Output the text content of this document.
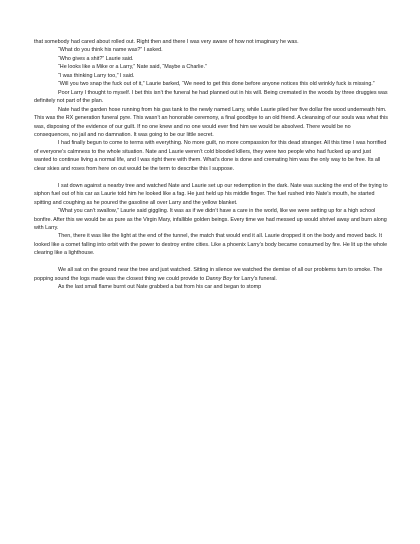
that somebody had cared about rolled out. Right then and there I was very aware of how not imaginary he was.

“What do you think his name was?” I asked.

“Who gives a shit?” Laurie said.

“He looks like a Mike or a Larry,” Nate said, “Maybe a Charlie.”

“I was thinking Larry too,” I said.

“Will you two snap the fuck out of it,” Laurie barked, “We need to get this done before anyone notices this old wrinkly fuck is missing.”

Poor Larry I thought to myself. I bet this isn’t the funeral he had planned out in his will. Being cremated in the woods by three druggies was definitely not part of the plan.

Nate had the garden hose running from his gas tank to the newly named Larry, while Laurie piled her five dollar fire wood underneath him. This was the RX generation funeral pyre. This wasn’t an honorable ceremony, a final goodbye to an old friend. A cleansing of our souls was what this was, disposing of the evidence of our guilt. If no one knew and no one would ever find him we would be absolved. There would be no consequences, no jail and no damnation. It was going to be our little secret.

I had finally begun to come to terms with everything. No more guilt, no more compassion for this dead stranger. All this time I was horrified of everyone’s calmness to the whole situation. Nate and Laurie weren’t cold blooded killers, they were two people who had fucked up and just wanted to continue living a normal life, and I was right there with them. What’s done is done and cremating him was the only way to be free. Its all clear skies and roses from here on out would be the term to describe this I suppose.

I sat down against a nearby tree and watched Nate and Laurie set up our redemption in the dark. Nate was sucking the end of the trying to siphon fuel out of his car as Laurie told him he looked like a fag. He just held up his middle finger. The fuel rushed into Nate’s mouth, he started spitting and coughing as he poured the gasoline all over Larry and the yellow blanket.

“What you can’t swallow,” Laurie said giggling. It was as if we didn’t have a care in the world, like we were setting up for a high school bonfire. After this we would be as pure as the Virgin Mary, infallible golden beings. Every time we had messed up would shrivel away and burn along with Larry.

Then, there it was like the light at the end of the tunnel, the match that would end it all. Laurie dropped it on the body and moved back. It looked like a comet falling into orbit with the power to destroy entire cities. Like a phoenix Larry’s body became consumed by fire. He lit up the whole clearing like a lighthouse.

We all sat on the ground near the tree and just watched. Sitting in silence we watched the demise of all our problems turn to smoke. The popping sound the logs made was the closest thing we could provide to Danny Boy for Larry’s funeral.

As the last small flame burnt out Nate grabbed a bat from his car and began to stomp
